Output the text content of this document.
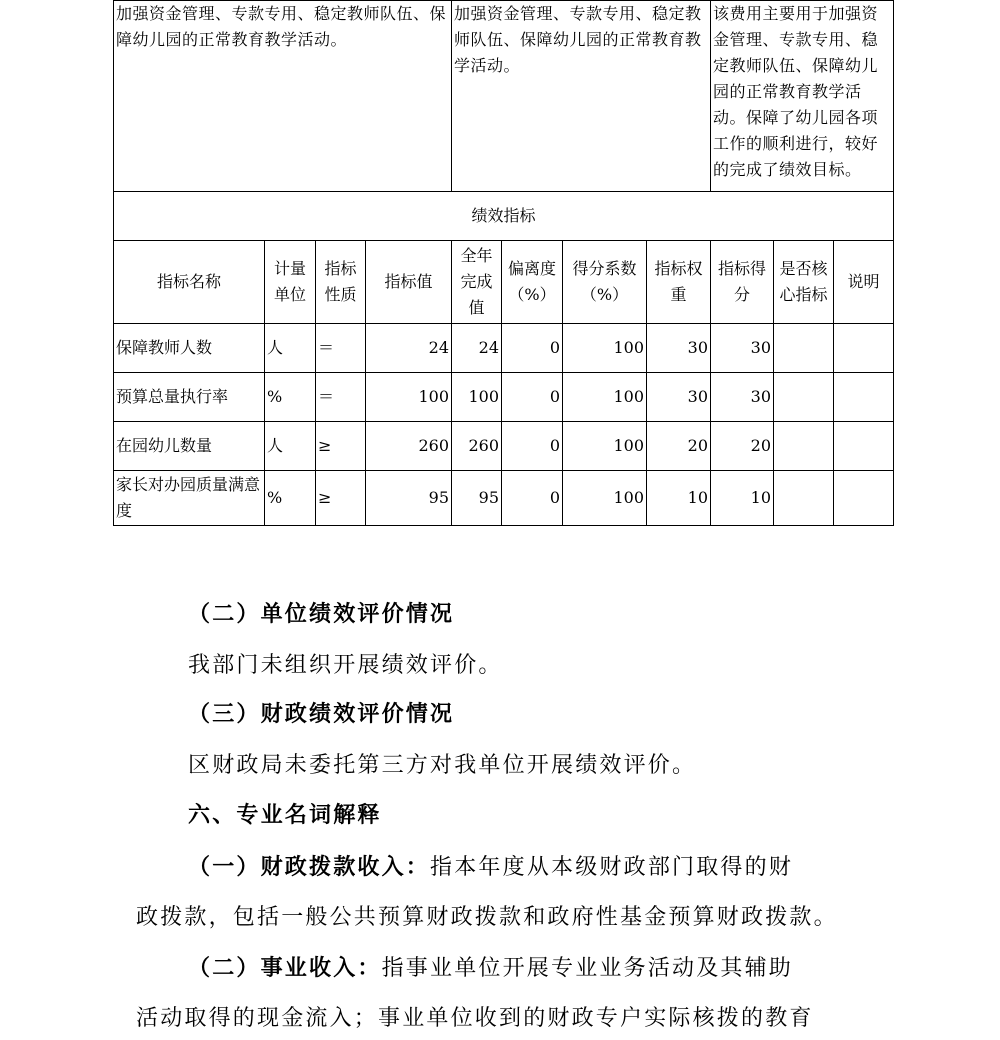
加强资金管理、专款专用、稳定教师队伍、保障幼儿园的正常教育教学活动。				加强资金管理、专款专用、稳定教师队伍、保障幼儿园的正常教育教学活动。				该费用主要用于加强资金管理、专款专用、稳定教师队伍、保障幼儿园的正常教育教学活动。保障了幼儿园各项工作的顺利进行，较好的完成了绩效目标。		
绩效指标										
指标名称	计量单位	指标性质	指标值	全年完成值	偏离度（%）	得分系数（%）	指标权重	指标得分	是否核心指标	说明
保障教师人数	人	＝	24	24	0	100	30	30		
预算总量执行率	%	＝	100	100	0	100	30	30		
在园幼儿数量	人	≥	260	260	0	100	20	20		
家长对办园质量满意度	%	≥	95	95	0	100	10	10		
（二）单位绩效评价情况
我部门未组织开展绩效评价。
（三）财政绩效评价情况
区财政局未委托第三方对我单位开展绩效评价。
六、专业名词解释
（一）财政拨款收入：指本年度从本级财政部门取得的财
政拨款，包括一般公共预算财政拨款和政府性基金预算财政拨款。
（二）事业收入：指事业单位开展专业业务活动及其辅助
活动取得的现金流入；事业单位收到的财政专户实际核拨的教育
